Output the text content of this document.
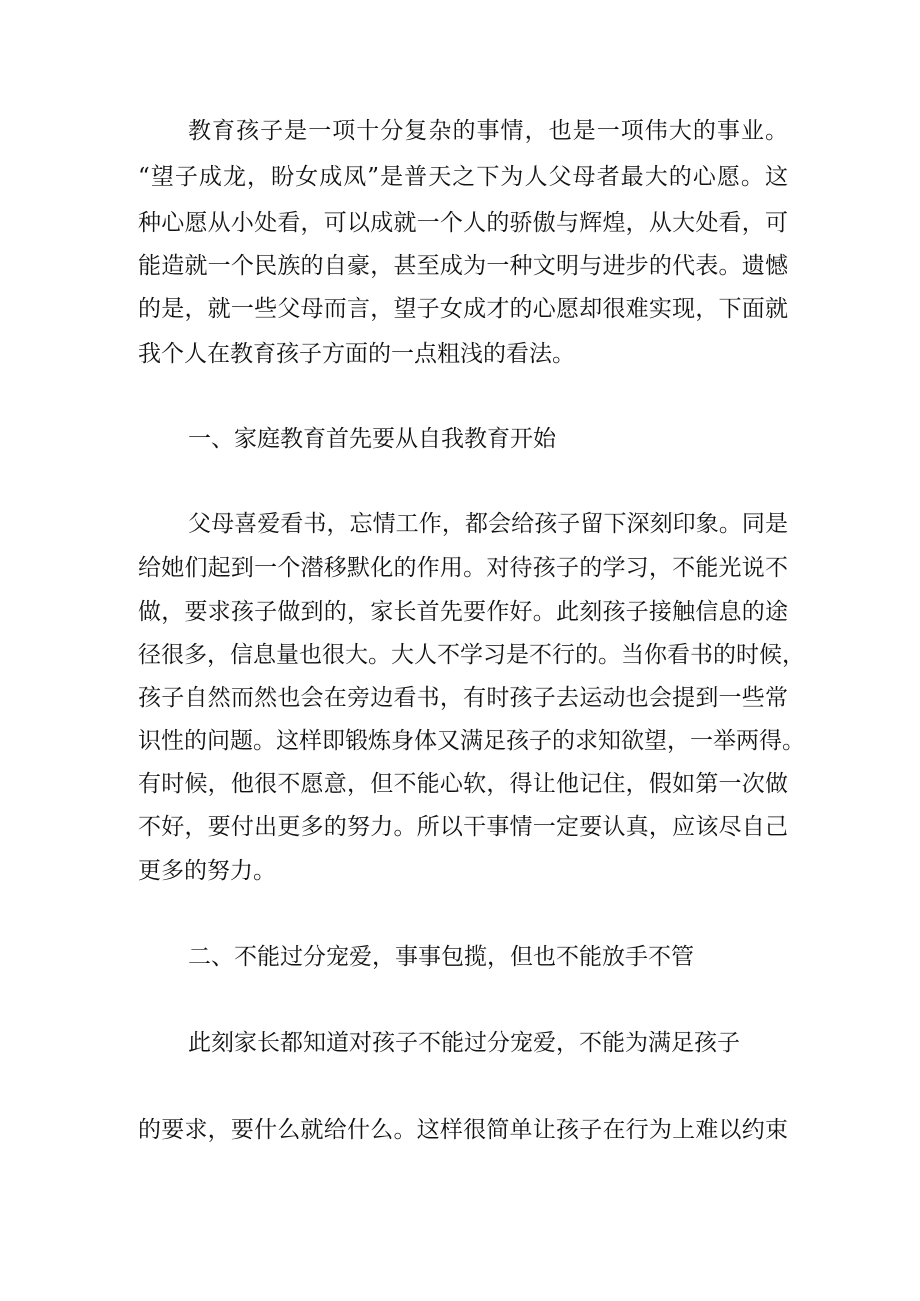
教育孩子是一项十分复杂的事情，也是一项伟大的事业。
“望子成龙，盼女成凤”是普天之下为人父母者最大的心愿。这
种心愿从小处看，可以成就一个人的骄傲与辉煌，从大处看，可
能造就一个民族的自豪，甚至成为一种文明与进步的代表。遗憾
的是，就一些父母而言，望子女成才的心愿却很难实现，下面就
我个人在教育孩子方面的一点粗浅的看法。
一、家庭教育首先要从自我教育开始
父母喜爱看书，忘情工作，都会给孩子留下深刻印象。同是
给她们起到一个潜移默化的作用。对待孩子的学习，不能光说不
做，要求孩子做到的，家长首先要作好。此刻孩子接触信息的途
径很多，信息量也很大。大人不学习是不行的。当你看书的时候，
孩子自然而然也会在旁边看书，有时孩子去运动也会提到一些常
识性的问题。这样即锻炼身体又满足孩子的求知欲望，一举两得。
有时候，他很不愿意，但不能心软，得让他记住，假如第一次做
不好，要付出更多的努力。所以干事情一定要认真，应该尽自己
更多的努力。
二、不能过分宠爱，事事包揽，但也不能放手不管
此刻家长都知道对孩子不能过分宠爱，不能为满足孩子
的要求，要什么就给什么。这样很简单让孩子在行为上难以约束
